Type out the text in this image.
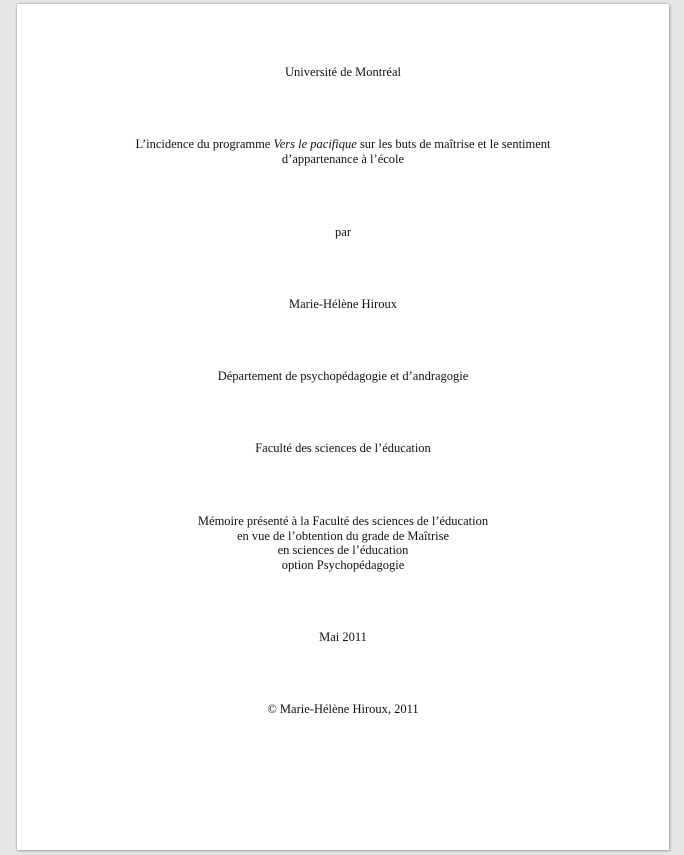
Université de Montréal
L’incidence du programme Vers le pacifique sur les buts de maîtrise et le sentiment
d’appartenance à l’école
par
Marie-Hélène Hiroux
Département de psychopédagogie et d’andragogie
Faculté des sciences de l’éducation
Mémoire présenté à la Faculté des sciences de l’éducation
en vue de l’obtention du grade de Maîtrise
en sciences de l’éducation
option Psychopédagogie
Mai 2011
© Marie-Hélène Hiroux, 2011
